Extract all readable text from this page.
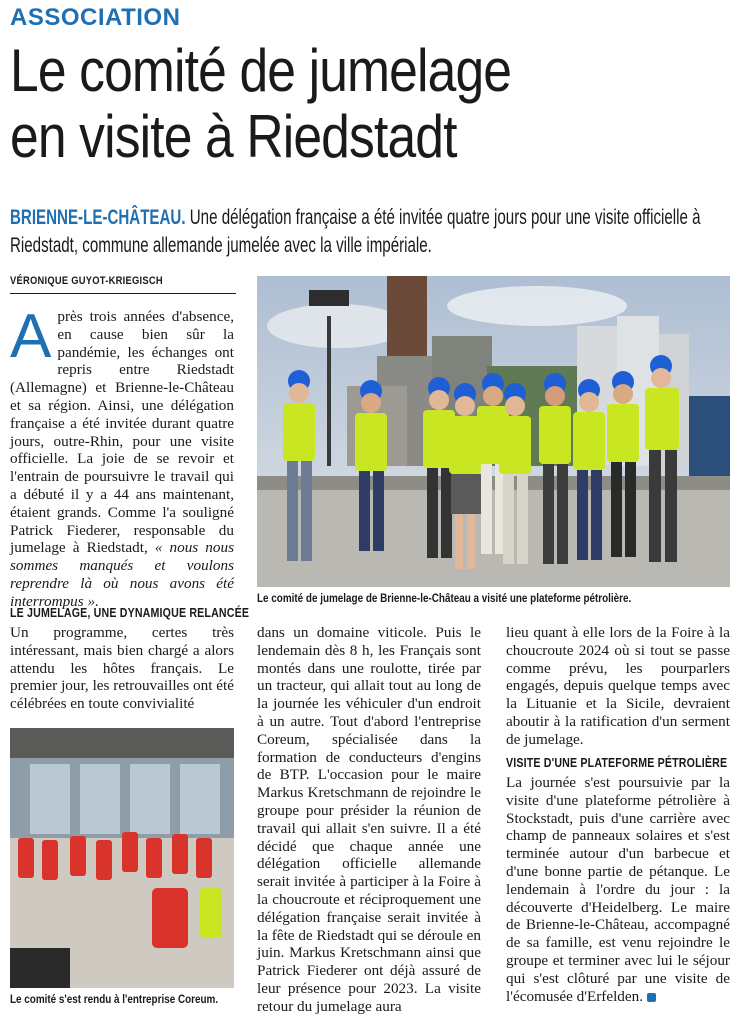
ASSOCIATION
Le comité de jumelage
en visite à Riedstadt
BRIENNE-LE-CHÂTEAU. Une délégation française a été invitée quatre jours pour une visite officielle à Riedstadt, commune allemande jumelée avec la ville impériale.
VÉRONIQUE GUYOT-KRIEGISCH
Après trois années d'absence, en cause bien sûr la pandémie, les échanges ont repris entre Riedstadt (Allemagne) et Brienne-le-Château et sa région. Ainsi, une délégation française a été invitée durant quatre jours, outre-Rhin, pour une visite officielle. La joie de se revoir et l'entrain de poursuivre le travail qui a débuté il y a 44 ans maintenant, étaient grands. Comme l'a souligné Patrick Fiederer, responsable du jumelage à Riedstadt, « nous nous sommes manqués et voulons reprendre là où nous avons été interrompus ».
LE JUMELAGE, UNE DYNAMIQUE RELANCÉE
Un programme, certes très intéressant, mais bien chargé a alors attendu les hôtes français. Le premier jour, les retrouvailles ont été célébrées en toute convivialité
Le comité de jumelage de Brienne-le-Château a visité une plateforme pétrolière.
Le comité s'est rendu à l'entreprise Coreum.
dans un domaine viticole. Puis le lendemain dès 8 h, les Français sont montés dans une roulotte, tirée par un tracteur, qui allait tout au long de la journée les véhiculer d'un endroit à un autre. Tout d'abord l'entreprise Coreum, spécialisée dans la formation de conducteurs d'engins de BTP. L'occasion pour le maire Markus Kretschmann de rejoindre le groupe pour présider la réunion de travail qui allait s'en suivre. Il a été décidé que chaque année une délégation officielle allemande serait invitée à participer à la Foire à la choucroute et réciproquement une délégation française serait invitée à la fête de Riedstadt qui se déroule en juin. Markus Kretschmann ainsi que Patrick Fiederer ont déjà assuré de leur présence pour 2023. La visite retour du jumelage aura
lieu quant à elle lors de la Foire à la choucroute 2024 où si tout se passe comme prévu, les pourparlers engagés, depuis quelque temps avec la Lituanie et la Sicile, devraient aboutir à la ratification d'un serment de jumelage.
VISITE D'UNE PLATEFORME PÉTROLIÈRE
La journée s'est poursuivie par la visite d'une plateforme pétrolière à Stockstadt, puis d'une carrière avec champ de panneaux solaires et s'est terminée autour d'un barbecue et d'une bonne partie de pétanque. Le lendemain à l'ordre du jour : la découverte d'Heidelberg. Le maire de Brienne-le-Château, accompagné de sa famille, est venu rejoindre le groupe et terminer avec lui le séjour qui s'est clôturé par une visite de l'écomusée d'Erfelden.
